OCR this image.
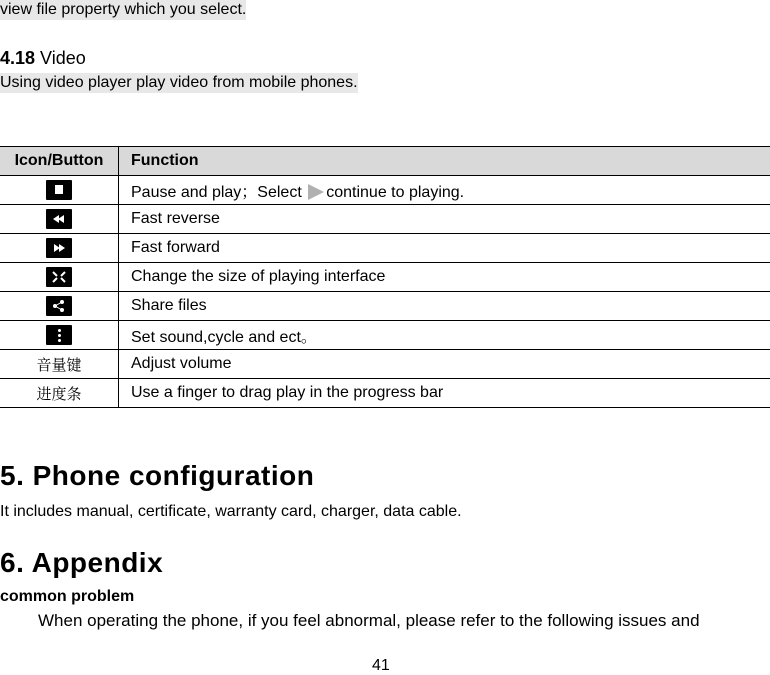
view file property which you select.
4.18 Video
Using video player play video from mobile phones.
Icon/Button	Function

	Pause and play；Select continue to playing.

	Fast reverse

	Fast forward

	Change the size of playing interface

	Share files

	Set sound,cycle and ect。
音量键	Adjust volume
进度条	Use a finger to drag play in the progress bar
5. Phone configuration
It includes manual, certificate, warranty card, charger, data cable.
6. Appendix
common problem
When operating the phone, if you feel abnormal, please refer to the following issues and
41
